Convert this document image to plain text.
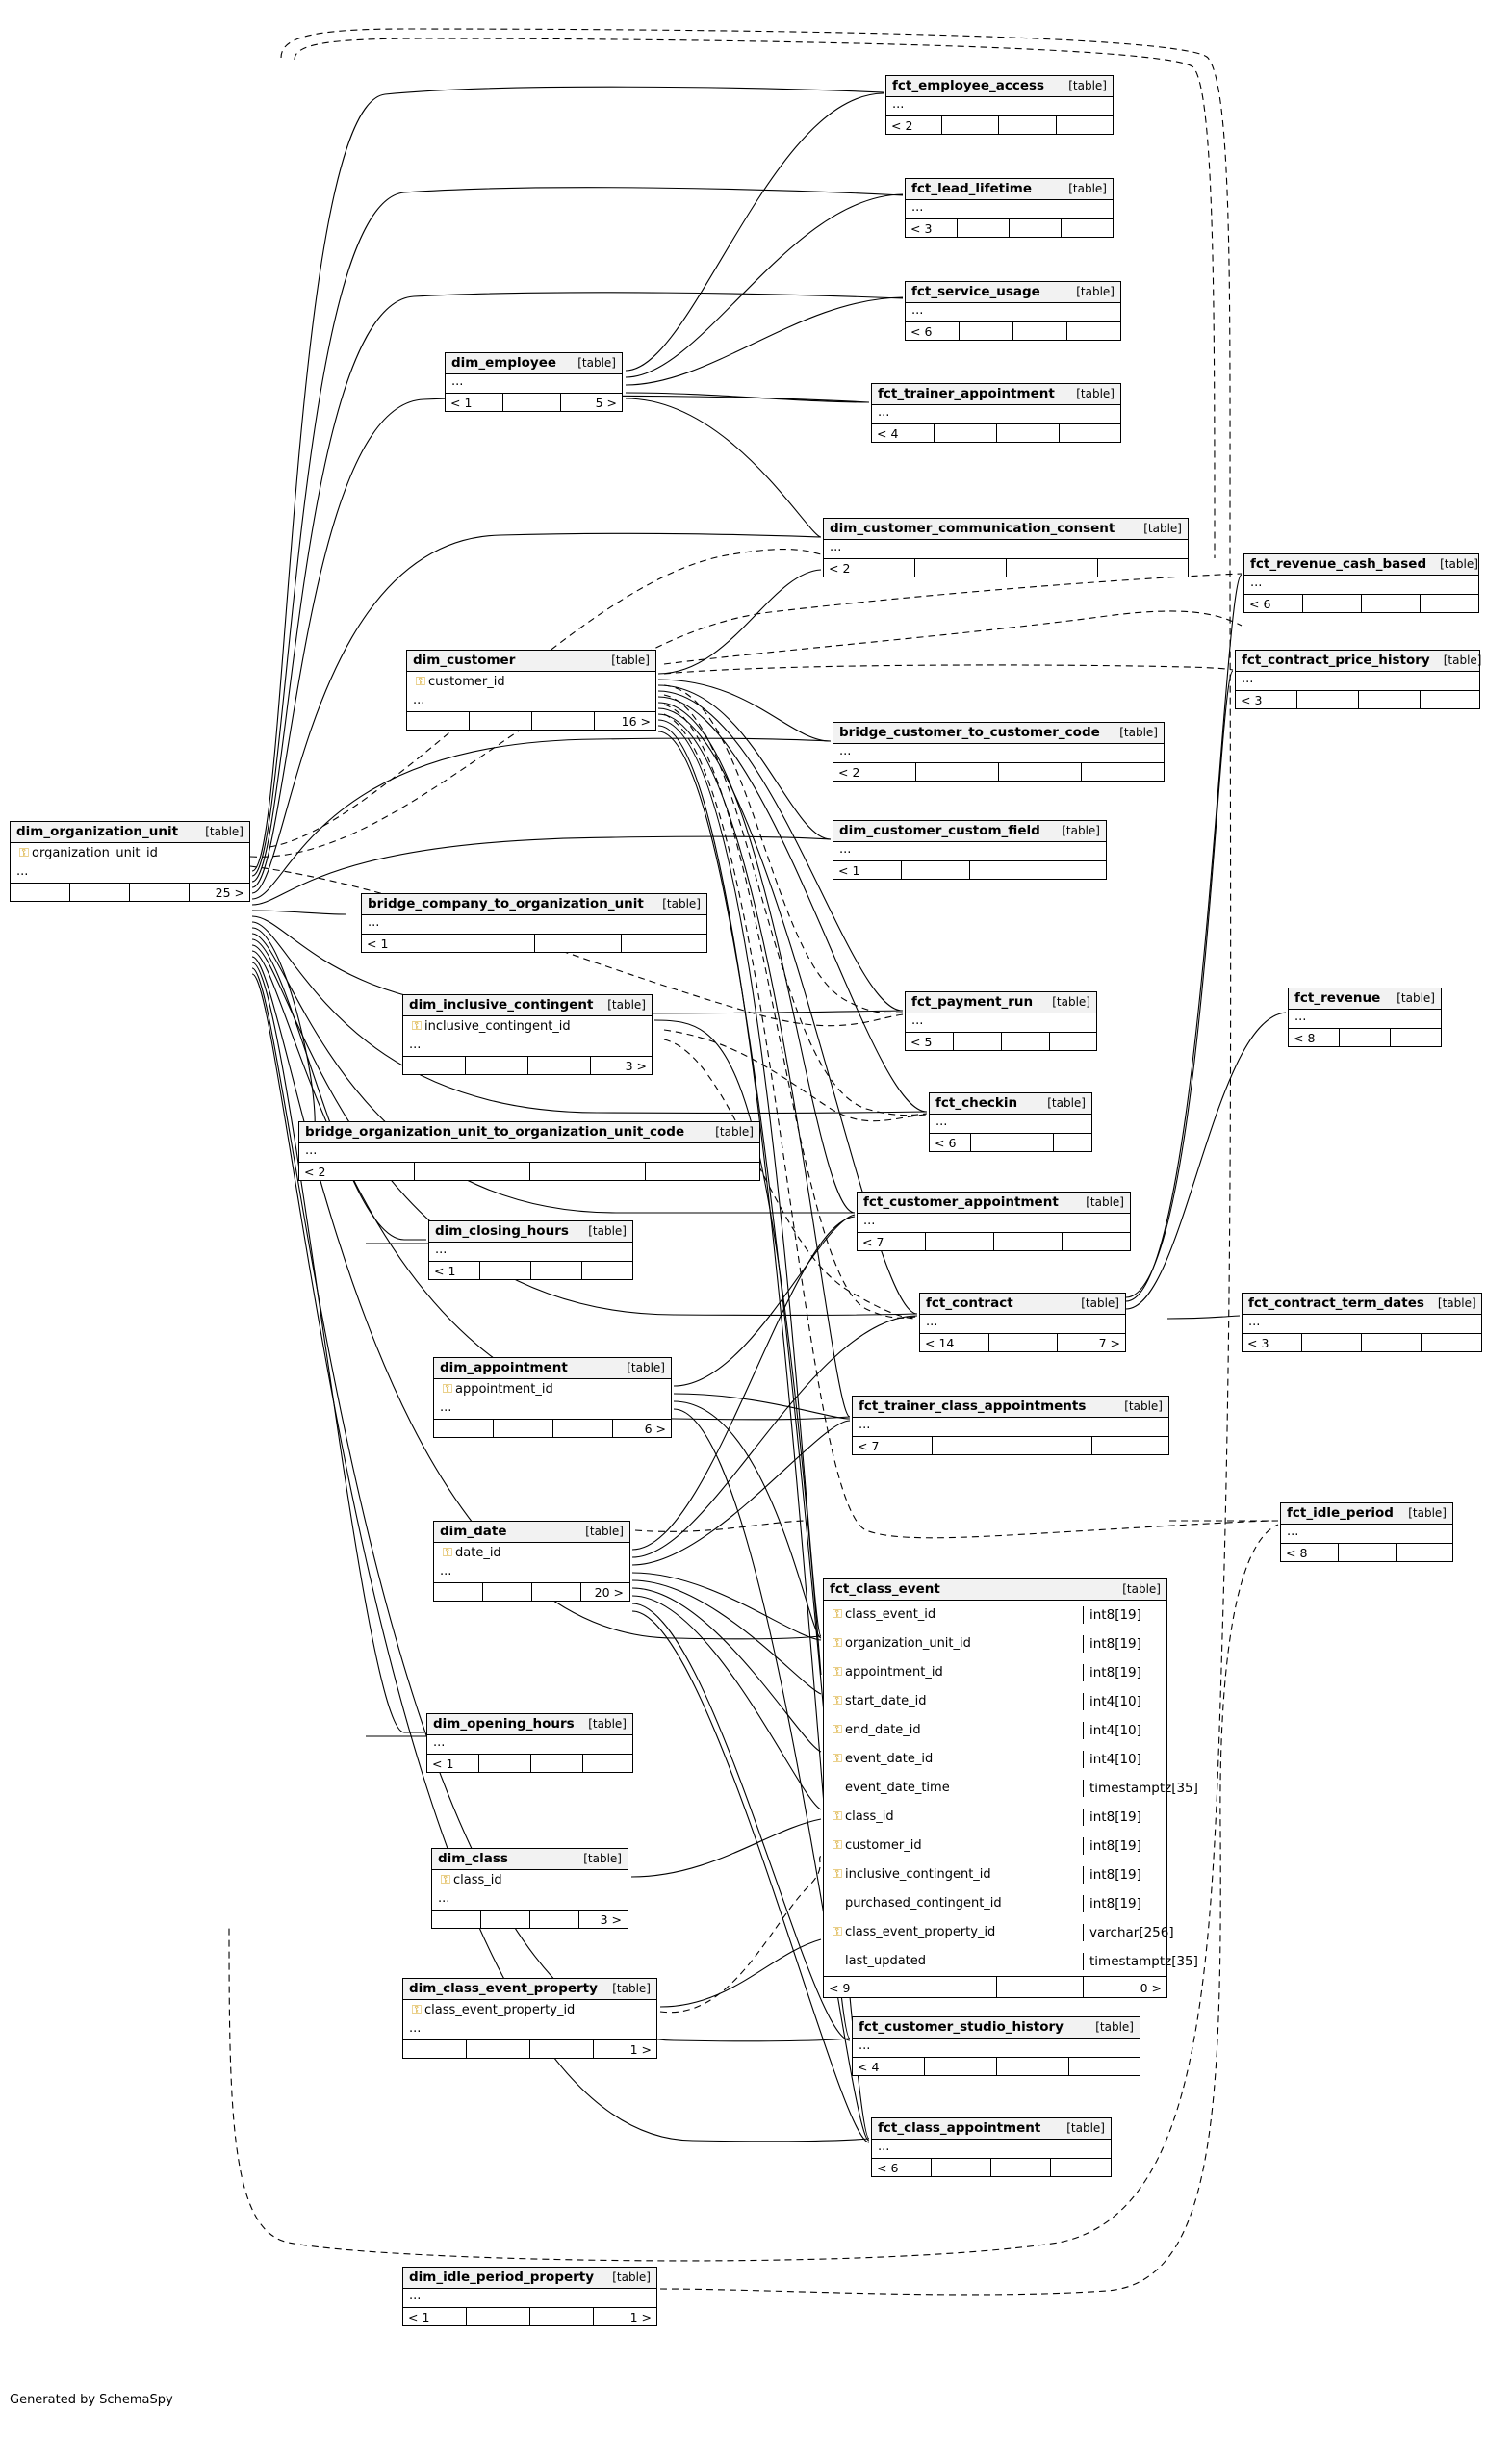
fct_employee_access	[table]
...
< 2
fct_lead_lifetime	[table]
...
< 3
fct_service_usage	[table]
...
< 6
fct_trainer_appointment	[table]
...
< 4
dim_employee	[table]
...
< 1	5 >
dim_customer_communication_consent	[table]
...
< 2	fct_revenue_cash_based	[table]
...
< 6
fct_contract_price_history	[table]
...
< 3
dim_customer	[table]
⚿ customer_id
...
16 >
bridge_customer_to_customer_code	[table]
...
< 2
dim_customer_custom_field	[table]
...
< 1
dim_organization_unit	[table]
⚿ organization_unit_id
...
25 >
bridge_company_to_organization_unit	[table]
...
< 1
dim_inclusive_contingent	[table]
⚿ inclusive_contingent_id
...
3 >
fct_payment_run	[table]
...
< 5
fct_revenue	[table]
...
< 8
fct_checkin	[table]
...
< 6
bridge_organization_unit_to_organization_unit_code	[table]
...
< 2
fct_customer_appointment	[table]
...
< 7
dim_closing_hours	[table]
...
< 1
fct_contract	[table]
...
< 14	7 >
fct_contract_term_dates	[table]
...
< 3
dim_appointment	[table]
⚿ appointment_id
...
6 >
fct_trainer_class_appointments	[table]
...
< 7
fct_idle_period	[table]
...
< 8
dim_date	[table]
⚿ date_id
...
20 >	fct_class_event	[table]
⚿ class_event_id	int8[19]
⚿ organization_unit_id	int8[19]
⚿ appointment_id	int8[19]
⚿ start_date_id	int4[10]
⚿ end_date_id	int4[10]
⚿ event_date_id	int4[10]

event_date_time	timestamptz[35]
⚿ class_id	int8[19]
⚿ customer_id	int8[19]
⚿ inclusive_contingent_id	int8[19]

purchased_contingent_id	int8[19]
⚿ class_event_property_id	varchar[256]

last_updated	timestamptz[35]
< 9	0 >
dim_opening_hours	[table]
...
< 1
dim_class	[table]
⚿ class_id
...
3 >
dim_class_event_property	[table]
⚿ class_event_property_id
...
1 >
fct_customer_studio_history	[table]
...
< 4
fct_class_appointment	[table]
...
< 6
dim_idle_period_property	[table]
...
< 1	1 >
Generated by SchemaSpy
